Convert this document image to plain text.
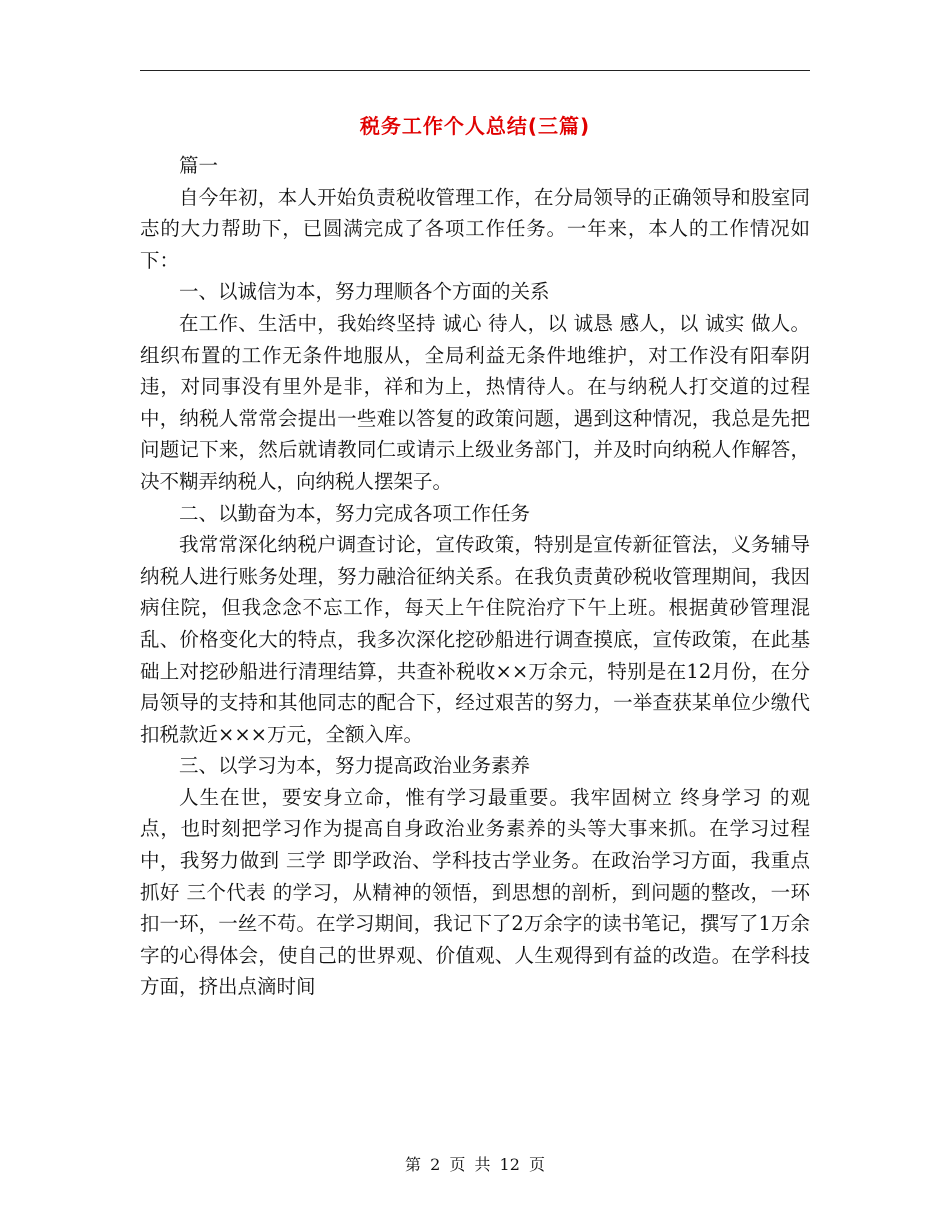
税务工作个人总结(三篇)

篇一

自今年初，本人开始负责税收管理工作，在分局领导的正确领导和股室同志的大力帮助下，已圆满完成了各项工作任务。一年来，本人的工作情况如下：

一、以诚信为本，努力理顺各个方面的关系

在工作、生活中，我始终坚持 诚心 待人，以 诚恳 感人，以 诚实 做人。组织布置的工作无条件地服从，全局利益无条件地维护，对工作没有阳奉阴违，对同事没有里外是非，祥和为上，热情待人。在与纳税人打交道的过程中，纳税人常常会提出一些难以答复的政策问题，遇到这种情况，我总是先把问题记下来，然后就请教同仁或请示上级业务部门，并及时向纳税人作解答，决不糊弄纳税人，向纳税人摆架子。

二、以勤奋为本，努力完成各项工作任务

我常常深化纳税户调查讨论，宣传政策，特别是宣传新征管法，义务辅导纳税人进行账务处理，努力融洽征纳关系。在我负责黄砂税收管理期间，我因病住院，但我念念不忘工作，每天上午住院治疗下午上班。根据黄砂管理混乱、价格变化大的特点，我多次深化挖砂船进行调查摸底，宣传政策，在此基础上对挖砂船进行清理结算，共查补税收××万余元，特别是在12月份，在分局领导的支持和其他同志的配合下，经过艰苦的努力，一举查获某单位少缴代扣税款近×××万元，全额入库。

三、以学习为本，努力提高政治业务素养

人生在世，要安身立命，惟有学习最重要。我牢固树立 终身学习 的观点，也时刻把学习作为提高自身政治业务素养的头等大事来抓。在学习过程中，我努力做到 三学 即学政治、学科技古学业务。在政治学习方面，我重点抓好 三个代表 的学习，从精神的领悟，到思想的剖析，到问题的整改，一环扣一环，一丝不苟。在学习期间，我记下了2万余字的读书笔记，撰写了1万余字的心得体会，使自己的世界观、价值观、人生观得到有益的改造。在学科技方面，挤出点滴时间

第 2 页 共 12 页
